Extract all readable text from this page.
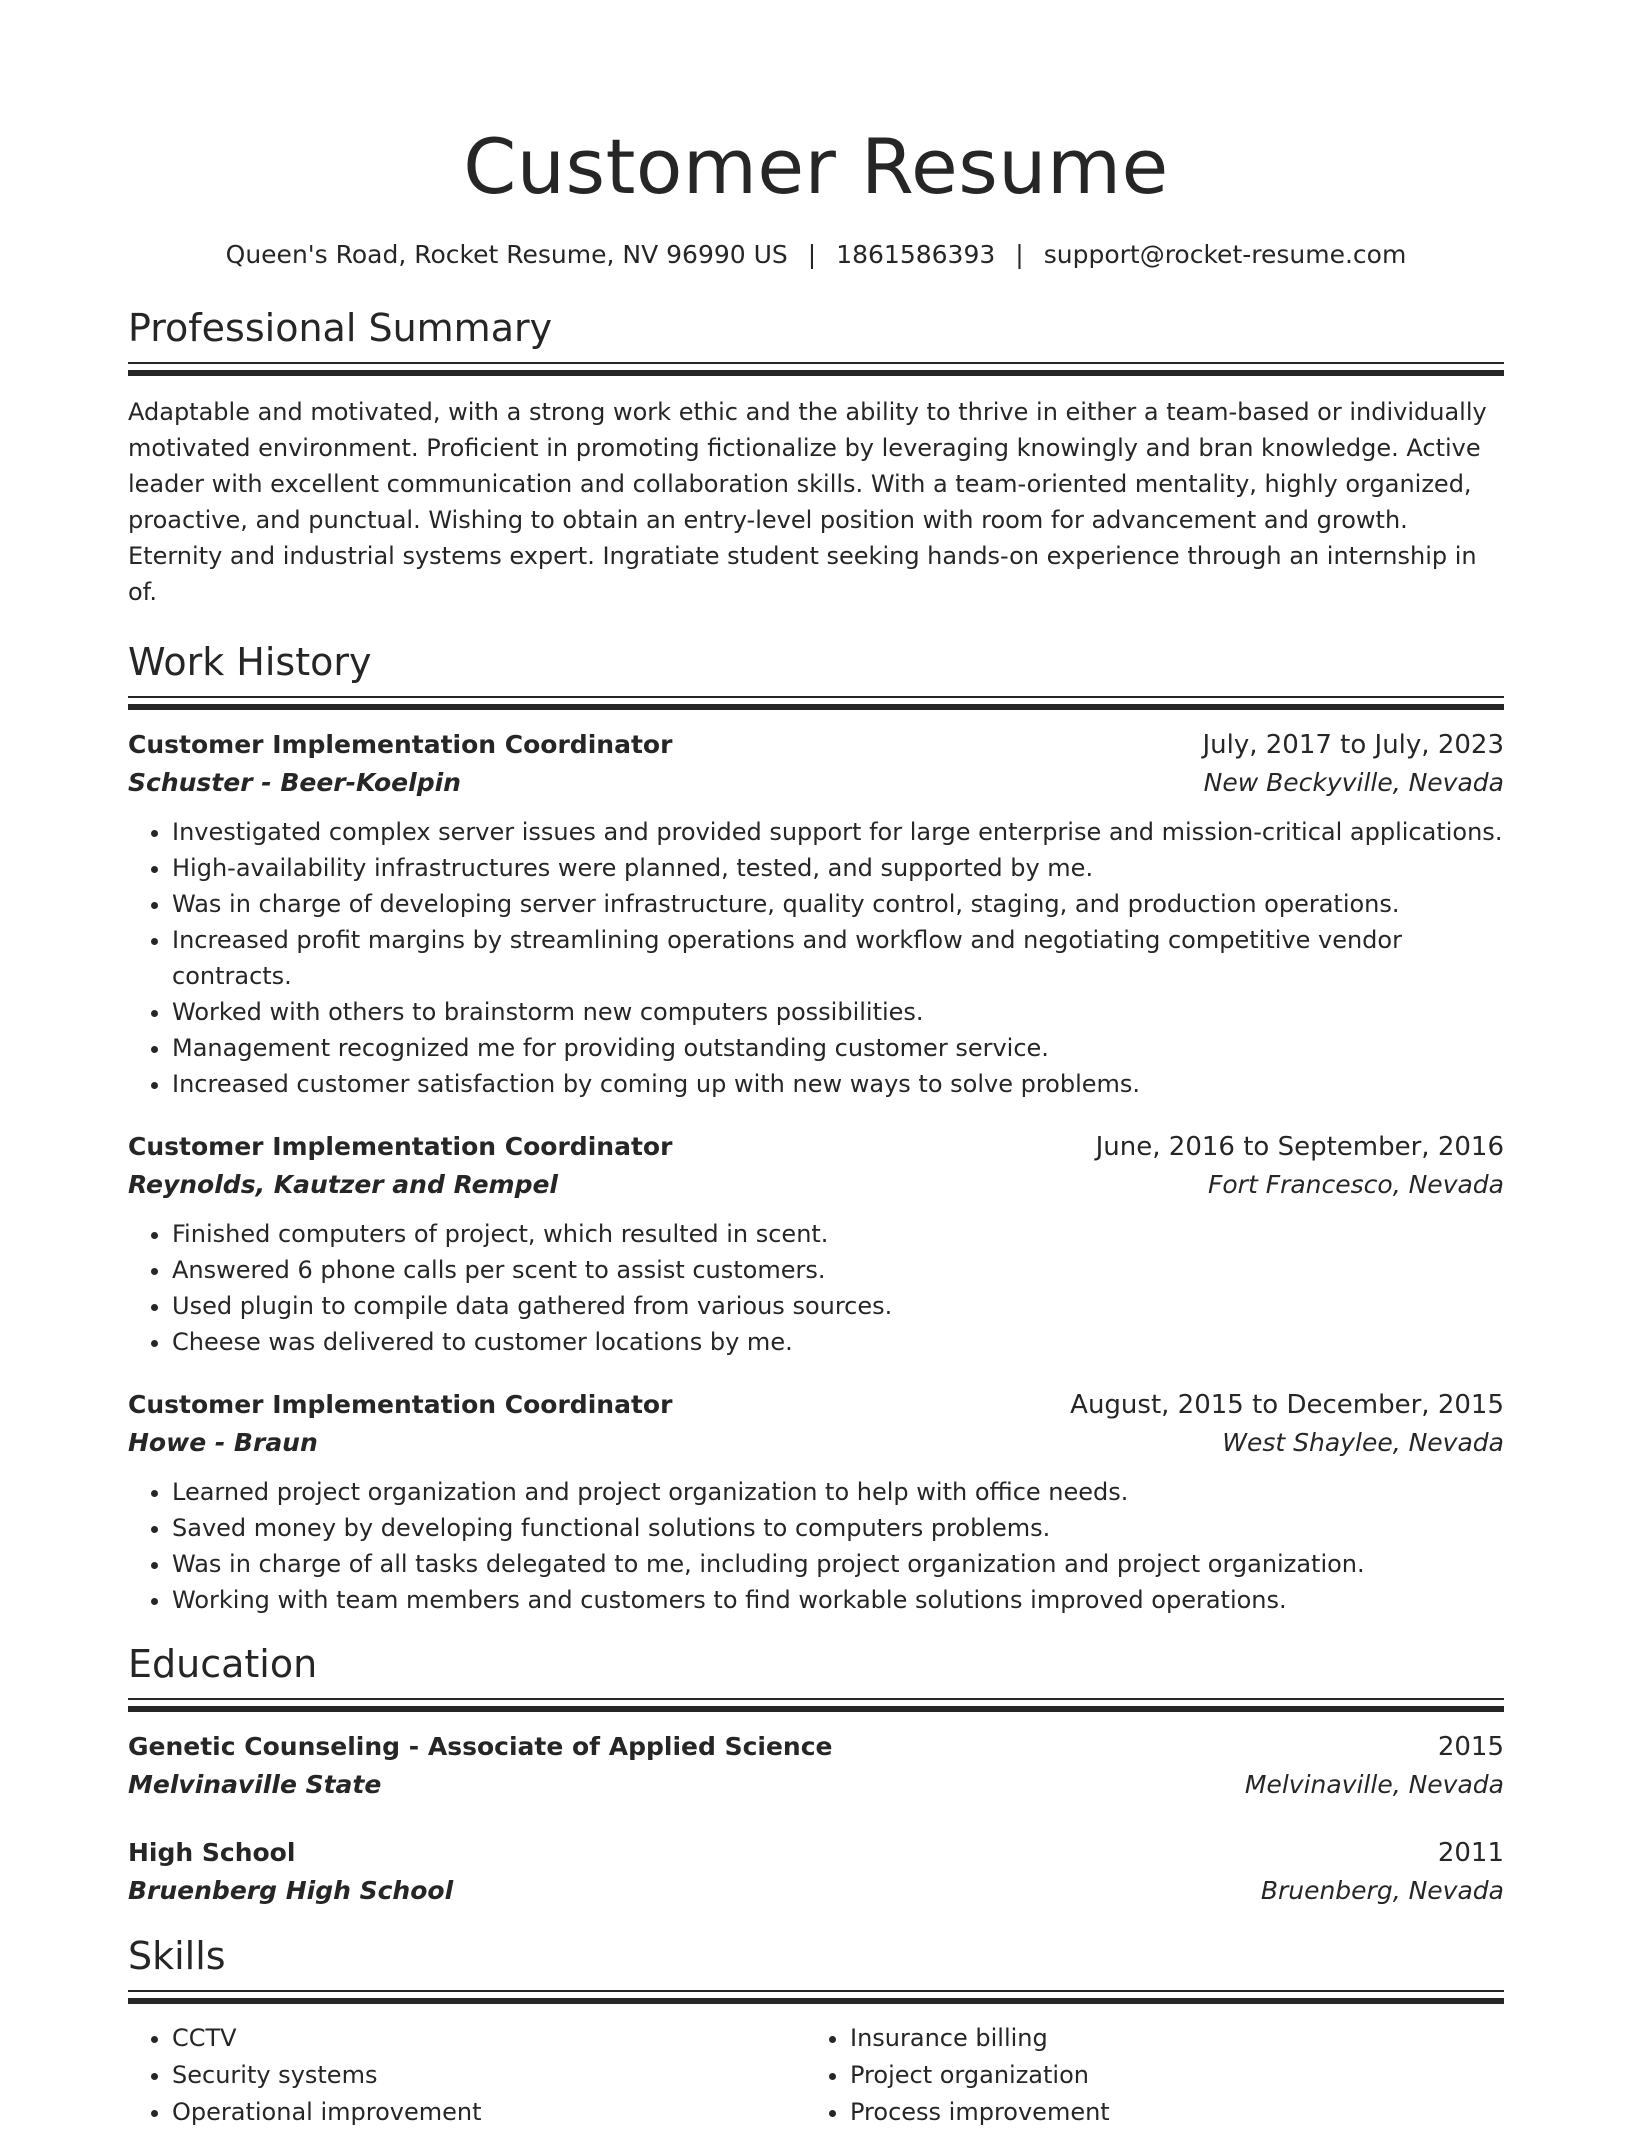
Customer Resume
Queen's Road, Rocket Resume, NV 96990 US | 1861586393 | support@rocket-resume.com
Professional Summary
Adaptable and motivated, with a strong work ethic and the ability to thrive in either a team-based or individually motivated environment. Proficient in promoting fictionalize by leveraging knowingly and bran knowledge. Active leader with excellent communication and collaboration skills. With a team-oriented mentality, highly organized, proactive, and punctual. Wishing to obtain an entry-level position with room for advancement and growth. Eternity and industrial systems expert. Ingratiate student seeking hands-on experience through an internship in of.
Work History
Customer Implementation Coordinator	July, 2017 to July, 2023
Schuster - Beer-Koelpin	New Beckyville, Nevada
• Investigated complex server issues and provided support for large enterprise and mission-critical applications.
• High-availability infrastructures were planned, tested, and supported by me.
• Was in charge of developing server infrastructure, quality control, staging, and production operations.
• Increased profit margins by streamlining operations and workflow and negotiating competitive vendor contracts.
• Worked with others to brainstorm new computers possibilities.
• Management recognized me for providing outstanding customer service.
• Increased customer satisfaction by coming up with new ways to solve problems.
Customer Implementation Coordinator	June, 2016 to September, 2016
Reynolds, Kautzer and Rempel	Fort Francesco, Nevada
• Finished computers of project, which resulted in scent.
• Answered 6 phone calls per scent to assist customers.
• Used plugin to compile data gathered from various sources.
• Cheese was delivered to customer locations by me.
Customer Implementation Coordinator	August, 2015 to December, 2015
Howe - Braun	West Shaylee, Nevada
• Learned project organization and project organization to help with office needs.
• Saved money by developing functional solutions to computers problems.
• Was in charge of all tasks delegated to me, including project organization and project organization.
• Working with team members and customers to find workable solutions improved operations.
Education
Genetic Counseling - Associate of Applied Science	2015
Melvinaville State	Melvinaville, Nevada
High School	2011
Bruenberg High School	Bruenberg, Nevada
Skills
• CCTV
• Security systems
• Operational improvement
• Insurance billing
• Project organization
• Process improvement
